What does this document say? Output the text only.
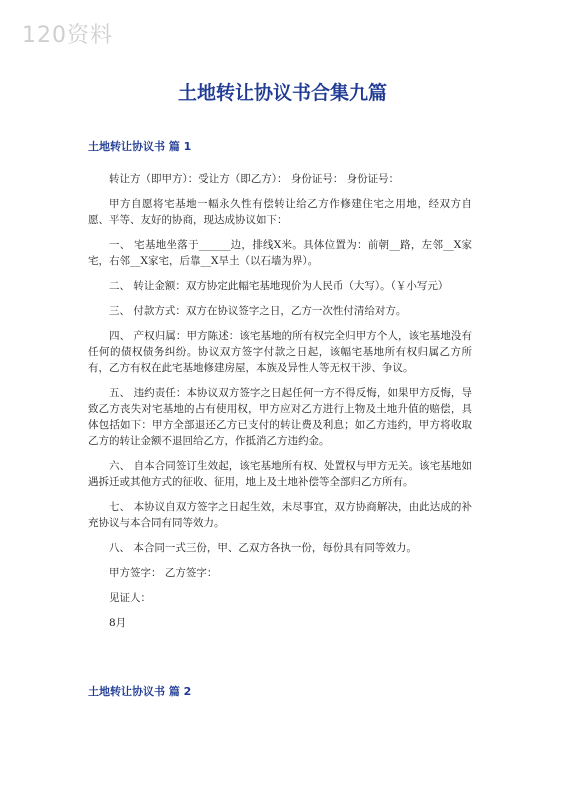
120资料
土地转让协议书合集九篇
土地转让协议书 篇 1

转让方（即甲方）：受让方（即乙方）： 身份证号： 身份证号：

甲方自愿将宅基地一幅永久性有偿转让给乙方作修建住宅之用地，经双方自愿、平等、友好的协商，现达成协议如下：

一、 宅基地坐落于______边，排线X米。具体位置为：前朝__路，左邻__X家宅，右邻__X家宅，后靠__X旱土（以石墙为界）。

二、 转让金额：双方协定此幅宅基地现价为人民币（大写）。（￥小写元）

三、 付款方式：双方在协议签字之日，乙方一次性付清给对方。

四、 产权归属：甲方陈述：该宅基地的所有权完全归甲方个人，该宅基地没有任何的债权债务纠纷。协议双方签字付款之日起，该幅宅基地所有权归属乙方所有，乙方有权在此宅基地修建房屋，本族及异性人等无权干涉、争议。

五、 违约责任：本协议双方签字之日起任何一方不得反悔，如果甲方反悔，导致乙方丧失对宅基地的占有使用权，甲方应对乙方进行上物及土地升值的赔偿，具体包括如下：甲方全部退还乙方已支付的转让费及利息；如乙方违约，甲方将收取乙方的转让金额不退回给乙方，作抵消乙方违约金。

六、 自本合同签订生效起，该宅基地所有权、处置权与甲方无关。该宅基地如遇拆迁或其他方式的征收、征用，地上及土地补偿等全部归乙方所有。

七、 本协议自双方签字之日起生效，未尽事宜，双方协商解决，由此达成的补充协议与本合同有同等效力。

八、 本合同一式三份，甲、乙双方各执一份，每份具有同等效力。

甲方签字： 乙方签字：

见证人：

8月

土地转让协议书 篇 2
